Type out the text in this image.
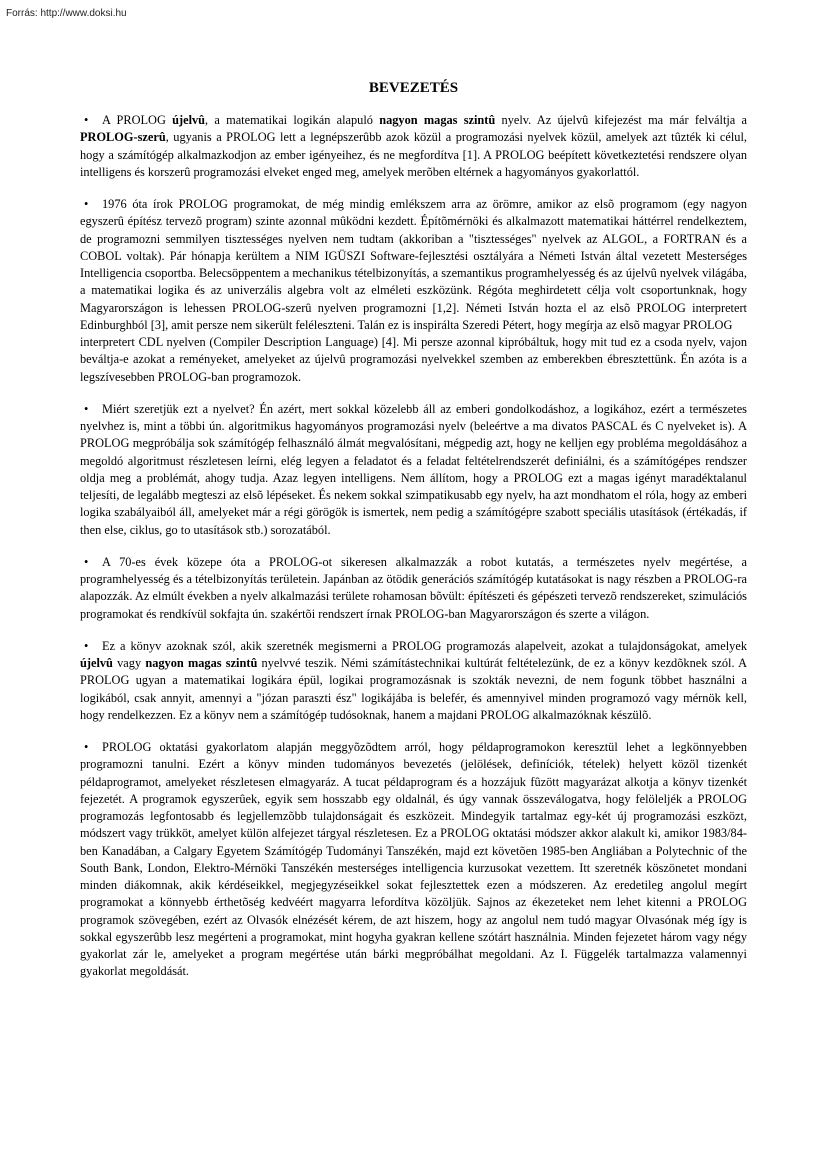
Forrás: http://www.doksi.hu
BEVEZETÉS

• A PROLOG újelvû, a matematikai logikán alapuló nagyon magas szintû nyelv. Az újelvû kifejezést ma már felváltja a PROLOG-szerû, ugyanis a PROLOG lett a legnépszerûbb azok közül a programozási nyelvek közül, amelyek azt tûzték ki célul, hogy a számítógép alkalmazkodjon az ember igényeihez, és ne megfordítva [1]. A PROLOG beépített következtetési rendszere olyan intelligens és korszerû programozási elveket enged meg, amelyek merõben eltérnek a hagyományos gyakorlattól.

• 1976 óta írok PROLOG programokat, de még mindig emlékszem arra az örömre, amikor az elsõ programom (egy nagyon egyszerû építész tervezõ program) szinte azonnal mûködni kezdett. Építõmérnöki és alkalmazott matematikai háttérrel rendelkeztem, de programozni semmilyen tisztességes nyelven nem tudtam (akkoriban a "tisztességes" nyelvek az ALGOL, a FORTRAN és a COBOL voltak). Pár hónapja kerültem a NIM IGÜSZI Software-fejlesztési osztályára a Németi István által vezetett Mesterséges Intelligencia csoportba. Belecsöppentem a mechanikus tételbizonyítás, a szemantikus programhelyesség és az újelvû nyelvek világába, a matematikai logika és az univerzális algebra volt az elméleti eszközünk. Régóta meghirdetett célja volt csoportunknak, hogy Magyarországon is lehessen PROLOG-szerû nyelven programozni [1,2]. Németi István hozta el az elsõ PROLOG interpretert Edinburghból [3], amit persze nem sikerült feléleszteni. Talán ez is inspirálta Szeredi Pétert, hogy megírja az elsõ magyar PROLOG
interpretert CDL nyelven (Compiler Description Language) [4]. Mi persze azonnal kipróbáltuk, hogy mit tud ez a csoda nyelv, vajon beváltja-e azokat a reményeket, amelyeket az újelvû programozási nyelvekkel szemben az emberekben ébresztettünk. Én azóta is a legszívesebben PROLOG-ban programozok.

• Miért szeretjük ezt a nyelvet? Én azért, mert sokkal közelebb áll az emberi gondolkodáshoz, a logikához, ezért a természetes nyelvhez is, mint a többi ún. algoritmikus hagyományos programozási nyelv (beleértve a ma divatos PASCAL és C nyelveket is). A PROLOG megpróbálja sok számítógép felhasználó álmát megvalósítani, mégpedig azt, hogy ne kelljen egy probléma megoldásához a megoldó algoritmust részletesen leírni, elég legyen a feladatot és a feladat feltételrendszerét definiálni, és a számítógépes rendszer oldja meg a problémát, ahogy tudja. Azaz legyen intelligens. Nem állítom, hogy a PROLOG ezt a magas igényt maradéktalanul teljesíti, de legalább megteszi az elsõ lépéseket. És nekem sokkal szimpatikusabb egy nyelv, ha azt mondhatom el róla, hogy az emberi logika szabályaiból áll, amelyeket már a régi görögök is ismertek, nem pedig a számítógépre szabott speciális utasítások (értékadás, if then else, ciklus, go to utasítások stb.) sorozatából.

• A 70-es évek közepe óta a PROLOG-ot sikeresen alkalmazzák a robot kutatás, a természetes nyelv megértése, a programhelyesség és a tételbizonyítás területein. Japánban az ötödik generációs számítógép kutatásokat is nagy részben a PROLOG-ra alapozzák. Az elmúlt években a nyelv alkalmazási területe rohamosan bõvült: építészeti és gépészeti tervezõ rendszereket, szimulációs programokat és rendkívül sokfajta ún. szakértõi rendszert írnak PROLOG-ban Magyarországon és szerte a világon.

• Ez a könyv azoknak szól, akik szeretnék megismerni a PROLOG programozás alapelveit, azokat a tulajdonságokat, amelyek újelvû vagy nagyon magas szintû nyelvvé teszik. Némi számítástechnikai kultúrát feltételezünk, de ez a könyv kezdõknek szól. A PROLOG ugyan a matematikai logikára épül, logikai programozásnak is szokták nevezni, de nem fogunk többet használni a logikából, csak annyit, amennyi a "józan paraszti ész" logikájába is belefér, és amennyivel minden programozó vagy mérnök kell, hogy rendelkezzen. Ez a könyv nem a számítógép tudósoknak, hanem a majdani PROLOG alkalmazóknak készülõ.

• PROLOG oktatási gyakorlatom alapján meggyõzõdtem arról, hogy példaprogramokon keresztül lehet a legkönnyebben programozni tanulni. Ezért a könyv minden tudományos bevezetés (jelölések, definíciók, tételek) helyett közöl tizenkét példaprogramot, amelyeket részletesen elmagyaráz. A tucat példaprogram és a hozzájuk fûzött magyarázat alkotja a könyv tizenkét fejezetét. A programok egyszerûek, egyik sem hosszabb egy oldalnál, és úgy vannak összeválogatva, hogy felöleljék a PROLOG programozás legfontosabb és legjellemzõbb tulajdonságait és eszközeit. Mindegyik tartalmaz egy-két új programozási eszközt, módszert vagy trükköt, amelyet külön alfejezet tárgyal részletesen. Ez a PROLOG oktatási módszer akkor alakult ki, amikor 1983/84-ben Kanadában, a Calgary Egyetem Számítógép Tudományi Tanszékén, majd ezt követõen 1985-ben Angliában a Polytechnic of the South Bank, London, Elektro-Mérnöki Tanszékén mesterséges intelligencia kurzusokat vezettem. Itt szeretnék köszönetet mondani minden diákomnak, akik kérdéseikkel, megjegyzéseikkel sokat fejlesztettek ezen a módszeren. Az eredetileg angolul megírt programokat a könnyebb érthetõség kedvéért magyarra lefordítva közöljük. Sajnos az ékezeteket nem lehet kitenni a PROLOG programok szövegében, ezért az Olvasók elnézését kérem, de azt hiszem, hogy az angolul nem tudó magyar Olvasónak még így is sokkal egyszerûbb lesz megérteni a programokat, mint hogyha gyakran kellene szótárt használnia. Minden fejezetet három vagy négy gyakorlat zár le, amelyeket a program megértése után bárki megpróbálhat megoldani. Az I. Függelék tartalmazza valamennyi gyakorlat megoldását.
